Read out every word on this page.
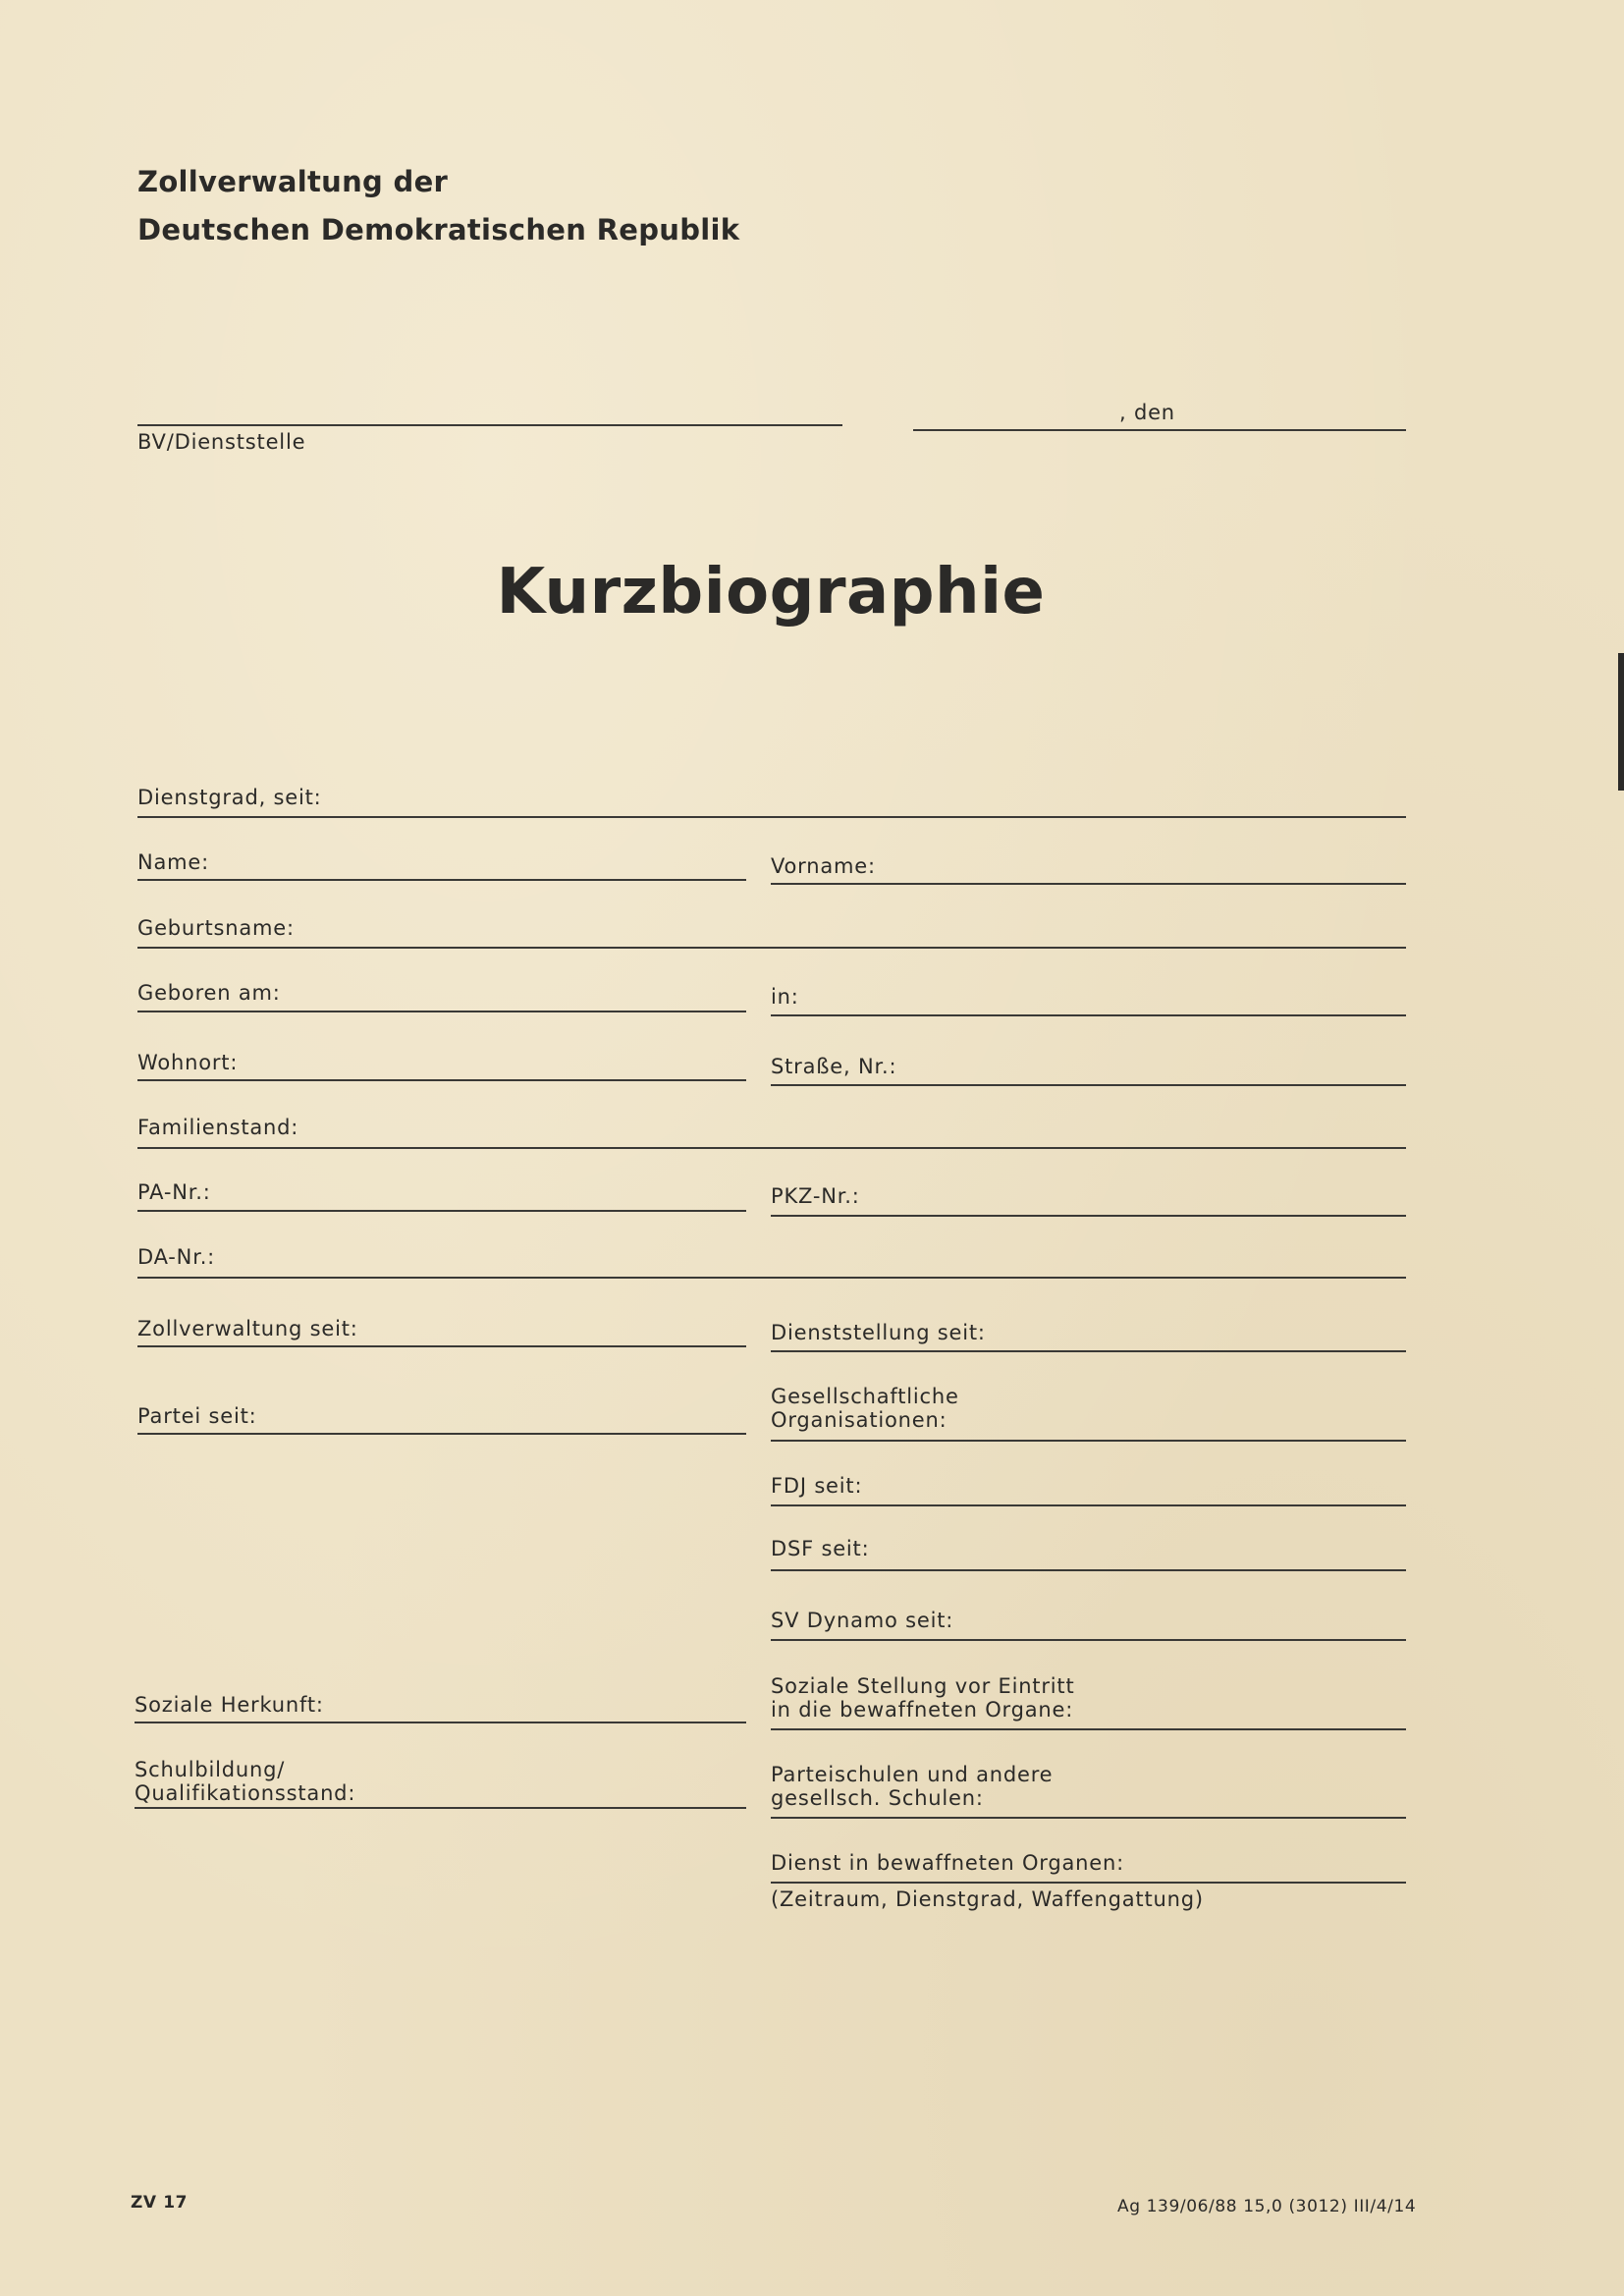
Zollverwaltung der
Deutschen Demokratischen Republik
BV/Dienststelle
, den
Kurzbiographie
Dienstgrad, seit:
Name:	Vorname:
Geburtsname:
Geboren am:	in:
Wohnort:	Straße, Nr.:
Familienstand:
PA-Nr.:	PKZ-Nr.:
DA-Nr.:
Zollverwaltung seit:	Dienststellung seit:
Partei seit:
Gesellschaftliche
Organisationen:
FDJ seit:
DSF seit:
SV Dynamo seit:
Soziale Herkunft:
Soziale Stellung vor Eintritt
in die bewaffneten Organe:
Schulbildung/
Qualifikationsstand:
Parteischulen und andere
gesellsch. Schulen:
Dienst in bewaffneten Organen:
(Zeitraum, Dienstgrad, Waffengattung)
ZV 17	Ag 139/06/88 15,0 (3012) III/4/14
